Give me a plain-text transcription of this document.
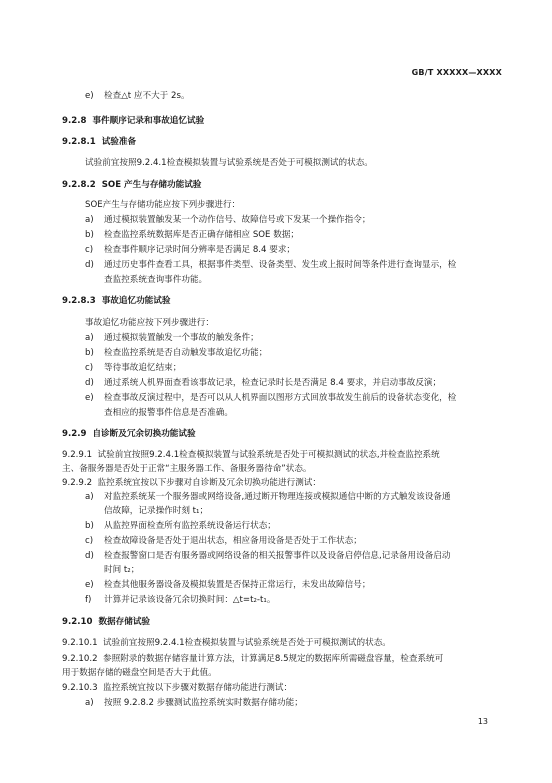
GB/T XXXXX—XXXX
e) 检查△t 应不大于 2s。
9.2.8 事件顺序记录和事故追忆试验
9.2.8.1 试验准备
试验前宜按照9.2.4.1检查模拟装置与试验系统是否处于可模拟测试的状态。
9.2.8.2 SOE 产生与存储功能试验
SOE产生与存储功能应按下列步骤进行：
a) 通过模拟装置触发某一个动作信号、故障信号或下发某一个操作指令；
b) 检查监控系统数据库是否正确存储相应 SOE 数据；
c) 检查事件顺序记录时间分辨率是否满足 8.4 要求；
d) 通过历史事件查看工具，根据事件类型、设备类型、发生或上报时间等条件进行查询显示，检
查监控系统查询事件功能。
9.2.8.3 事故追忆功能试验
事故追忆功能应按下列步骤进行：
a) 通过模拟装置触发一个事故的触发条件；
b) 检查监控系统是否自动触发事故追忆功能；
c) 等待事故追忆结束；
d) 通过系统人机界面查看该事故记录，检查记录时长是否满足 8.4 要求，并启动事故反演；
e) 检查事故反演过程中，是否可以从人机界面以图形方式回放事故发生前后的设备状态变化，检
查相应的报警事件信息是否准确。
9.2.9 自诊断及冗余切换功能试验
9.2.9.1 试验前宜按照9.2.4.1检查模拟装置与试验系统是否处于可模拟测试的状态,并检查监控系统
主、备服务器是否处于正常“主服务器工作、备服务器待命”状态。
9.2.9.2 监控系统宜按以下步骤对自诊断及冗余切换功能进行测试：
a) 对监控系统某一个服务器或网络设备,通过断开物理连接或模拟通信中断的方式触发该设备通
信故障，记录操作时刻 t₁；
b) 从监控界面检查所有监控系统设备运行状态；
c) 检查故障设备是否处于退出状态，相应备用设备是否处于工作状态；
d) 检查报警窗口是否有服务器或网络设备的相关报警事件以及设备启停信息,记录备用设备启动
时间 t₂；
e) 检查其他服务器设备及模拟装置是否保持正常运行，未发出故障信号；
f) 计算并记录该设备冗余切换时间：△t=t₂-t₁。
9.2.10 数据存储试验
9.2.10.1 试验前宜按照9.2.4.1检查模拟装置与试验系统是否处于可模拟测试的状态。
9.2.10.2 参照附录的数据存储容量计算方法，计算满足8.5规定的数据库所需磁盘容量，检查系统可
用于数据存储的磁盘空间是否大于此值。
9.2.10.3 监控系统宜按以下步骤对数据存储功能进行测试：
a) 按照 9.2.8.2 步骤测试监控系统实时数据存储功能；
13
